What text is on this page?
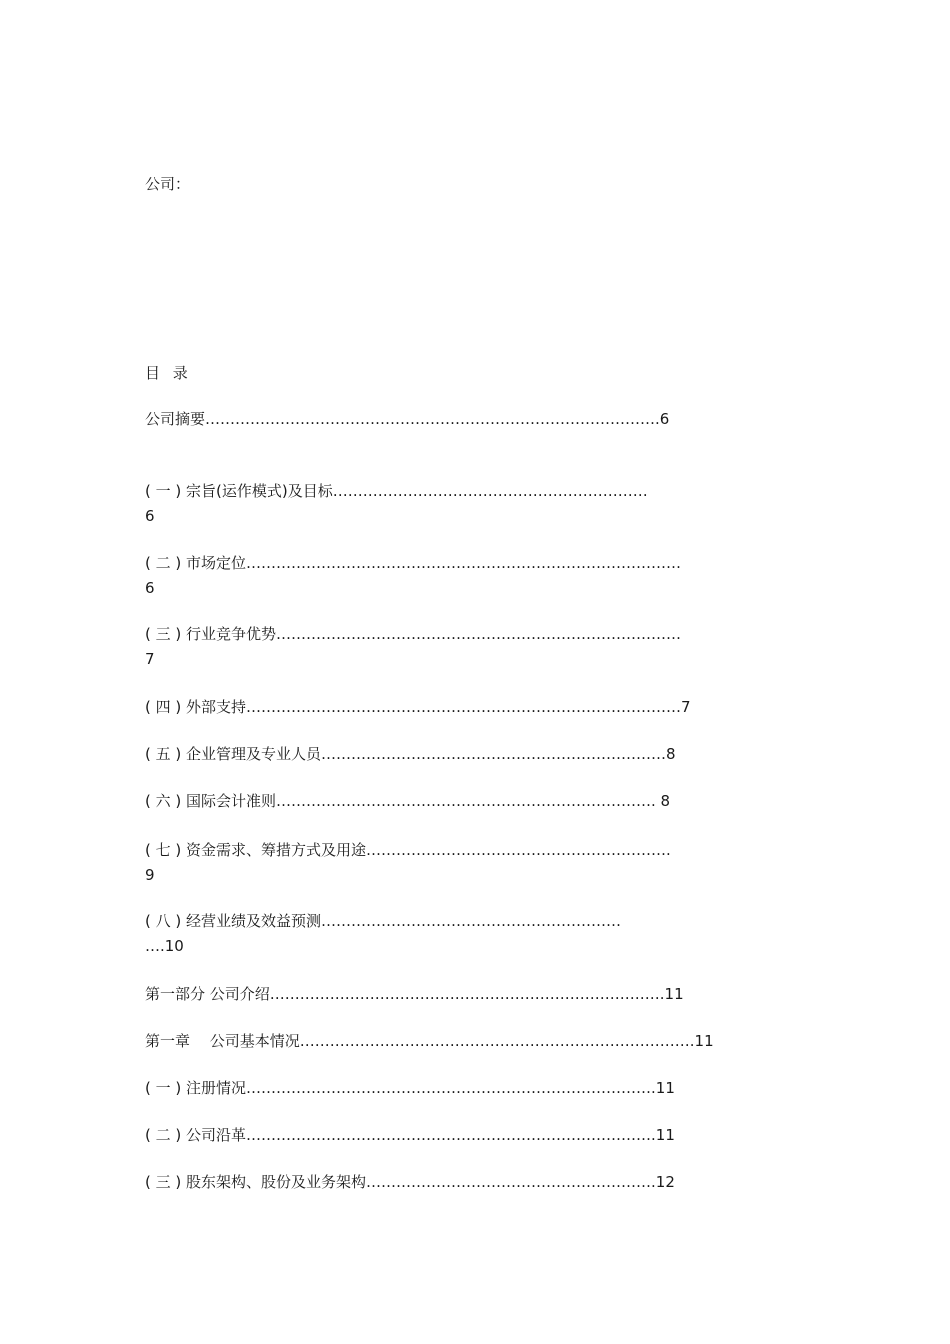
公司：
目 录
公司摘要……………………………………………………………………………….6
( 一 ) 宗旨(运作模式)及目标………………………………………………………
6
( 二 ) 市场定位……………………………………………………………………………
6
( 三 ) 行业竞争优势………………………………………………………………………
7
( 四 ) 外部支持……………………………………………………………………………7
( 五 ) 企业管理及专业人员……………………………………………………………8
( 六 ) 国际会计准则…………………………………………………………………. 8
( 七 ) 资金需求、筹措方式及用途…………………………………………………….
9
( 八 ) 经营业绩及效益预测……………………………………………………
….10
第一部分 公司介绍…………………………………………………………………….11
第一章　 公司基本情况…………………………………………………………………….11
( 一 ) 注册情况……………………………………………………………………….11
( 二 ) 公司沿革……………………………………………………………………….11
( 三 ) 股东架构、股份及业务架构………………………………………………….12
